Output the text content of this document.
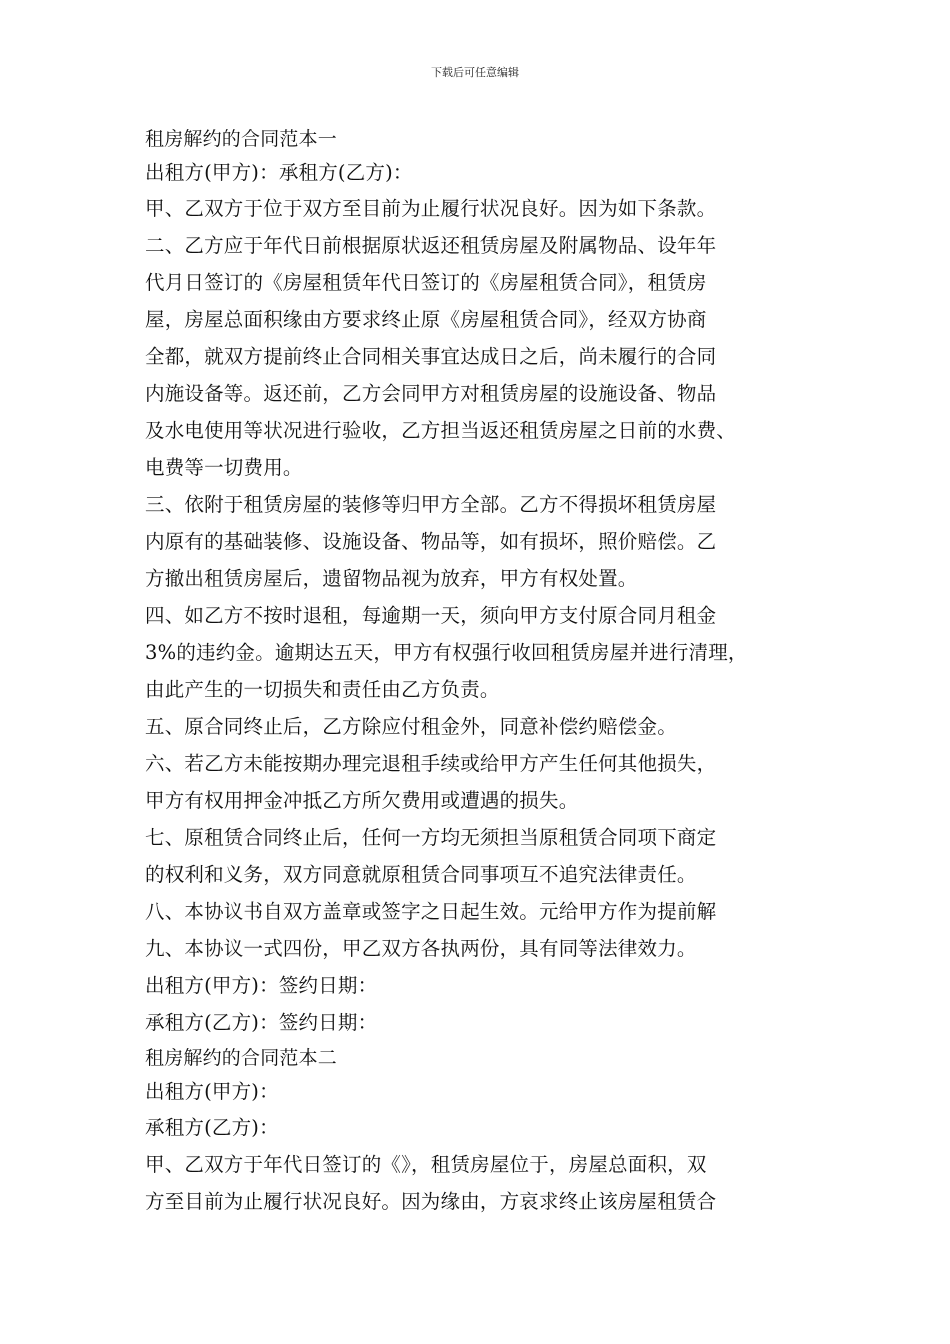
下载后可任意编辑
租房解约的合同范本一
出租方(甲方)：承租方(乙方)：
甲、乙双方于位于双方至目前为止履行状况良好。因为如下条款。
二、乙方应于年代日前根据原状返还租赁房屋及附属物品、设年年
代月日签订的《房屋租赁年代日签订的《房屋租赁合同》，租赁房
屋，房屋总面积缘由方要求终止原《房屋租赁合同》，经双方协商
全都，就双方提前终止合同相关事宜达成日之后，尚未履行的合同
内施设备等。返还前，乙方会同甲方对租赁房屋的设施设备、物品
及水电使用等状况进行验收，乙方担当返还租赁房屋之日前的水费、
电费等一切费用。
三、依附于租赁房屋的装修等归甲方全部。乙方不得损坏租赁房屋
内原有的基础装修、设施设备、物品等，如有损坏，照价赔偿。乙
方撤出租赁房屋后，遗留物品视为放弃，甲方有权处置。
四、如乙方不按时退租，每逾期一天，须向甲方支付原合同月租金
3%的违约金。逾期达五天，甲方有权强行收回租赁房屋并进行清理，
由此产生的一切损失和责任由乙方负责。
五、原合同终止后，乙方除应付租金外，同意补偿约赔偿金。
六、若乙方未能按期办理完退租手续或给甲方产生任何其他损失，
甲方有权用押金冲抵乙方所欠费用或遭遇的损失。
七、原租赁合同终止后，任何一方均无须担当原租赁合同项下商定
的权利和义务，双方同意就原租赁合同事项互不追究法律责任。
八、本协议书自双方盖章或签字之日起生效。元给甲方作为提前解
九、本协议一式四份，甲乙双方各执两份，具有同等法律效力。
出租方(甲方)：签约日期：
承租方(乙方)：签约日期：
租房解约的合同范本二
出租方(甲方)：
承租方(乙方)：
甲、乙双方于年代日签订的《》，租赁房屋位于，房屋总面积，双
方至目前为止履行状况良好。因为缘由，方哀求终止该房屋租赁合
